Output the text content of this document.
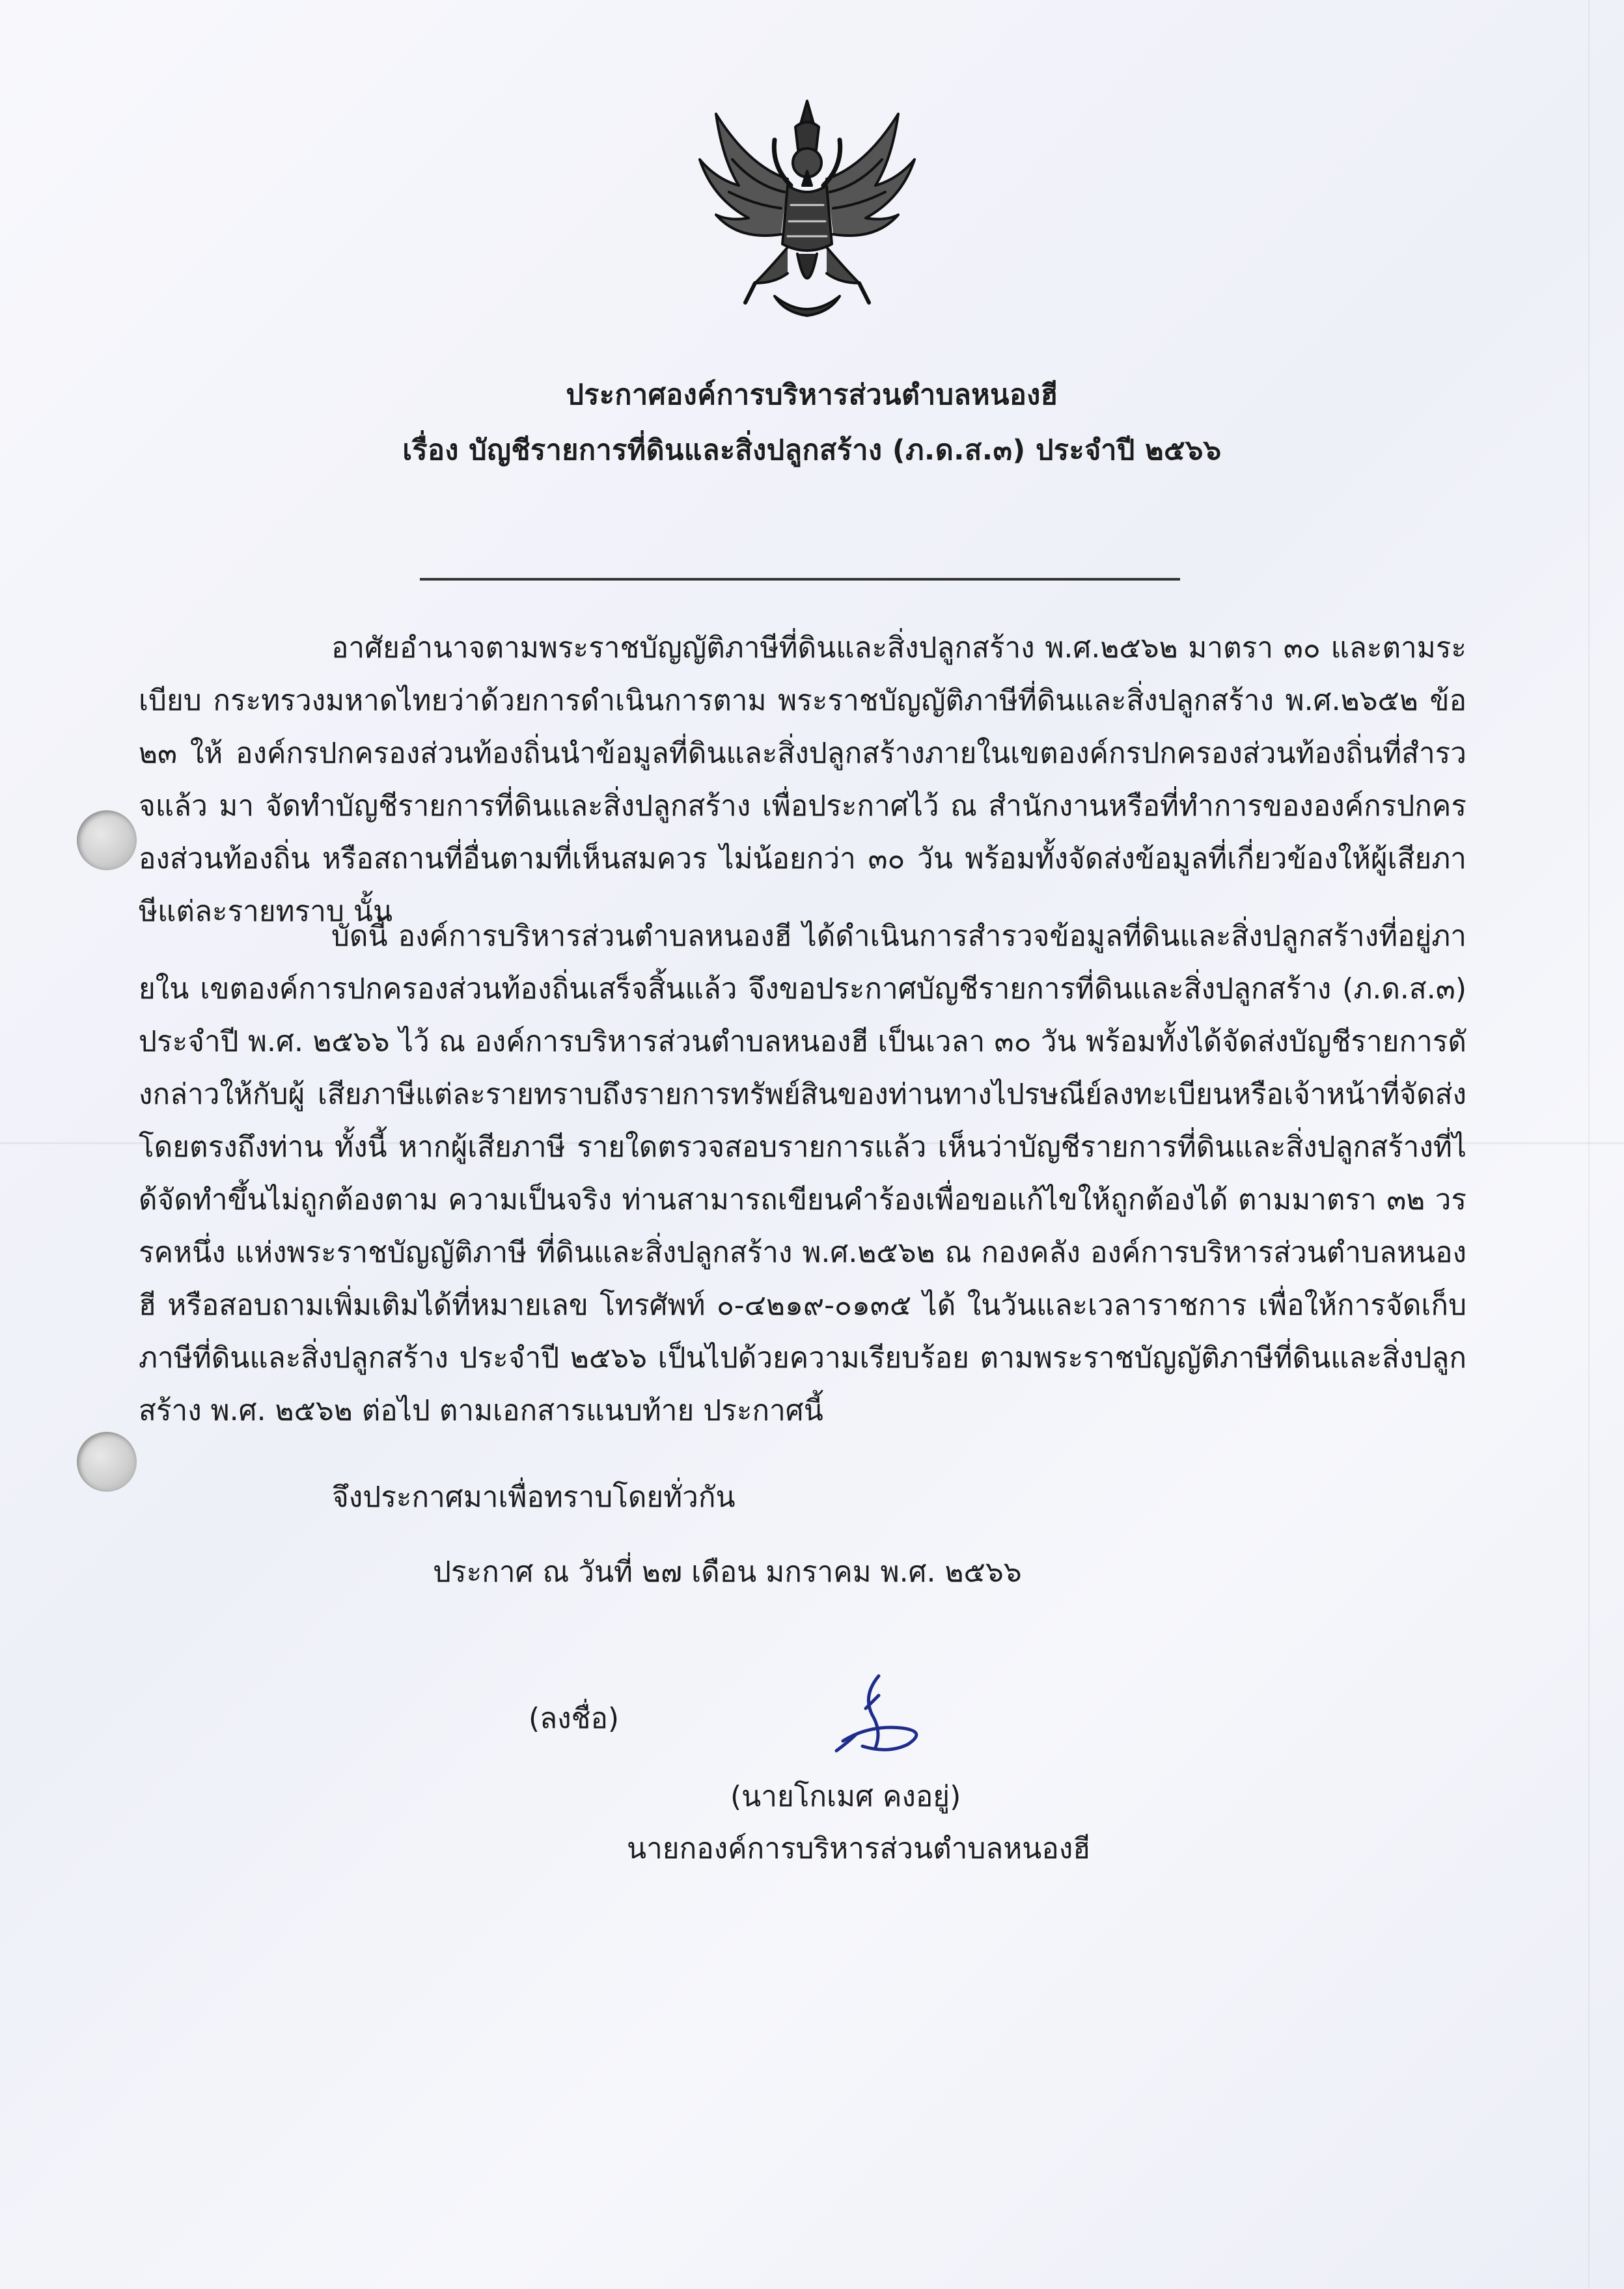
ประกาศองค์การบริหารส่วนตำบลหนองฮี
เรื่อง บัญชีรายการที่ดินและสิ่งปลูกสร้าง (ภ.ด.ส.๓) ประจำปี ๒๕๖๖
อาศัยอำนาจตามพระราชบัญญัติภาษีที่ดินและสิ่งปลูกสร้าง พ.ศ.๒๕๖๒ มาตรา ๓๐ และตามระเบียบ กระทรวงมหาดไทยว่าด้วยการดำเนินการตาม พระราชบัญญัติภาษีที่ดินและสิ่งปลูกสร้าง พ.ศ.๒๖๕๒ ข้อ ๒๓ ให้ องค์กรปกครองส่วนท้องถิ่นนำข้อมูลที่ดินและสิ่งปลูกสร้างภายในเขตองค์กรปกครองส่วนท้องถิ่นที่สำรวจแล้ว มา จัดทำบัญชีรายการที่ดินและสิ่งปลูกสร้าง เพื่อประกาศไว้ ณ สำนักงานหรือที่ทำการขององค์กรปกครองส่วนท้องถิ่น หรือสถานที่อื่นตามที่เห็นสมควร ไม่น้อยกว่า ๓๐ วัน พร้อมทั้งจัดส่งข้อมูลที่เกี่ยวข้องให้ผู้เสียภาษีแต่ละรายทราบ นั้น
บัดนี้ องค์การบริหารส่วนตำบลหนองฮี ได้ดำเนินการสำรวจข้อมูลที่ดินและสิ่งปลูกสร้างที่อยู่ภายใน เขตองค์การปกครองส่วนท้องถิ่นเสร็จสิ้นแล้ว จึงขอประกาศบัญชีรายการที่ดินและสิ่งปลูกสร้าง (ภ.ด.ส.๓) ประจำปี พ.ศ. ๒๕๖๖ ไว้ ณ องค์การบริหารส่วนตำบลหนองฮี เป็นเวลา ๓๐ วัน พร้อมทั้งได้จัดส่งบัญชีรายการดังกล่าวให้กับผู้ เสียภาษีแต่ละรายทราบถึงรายการทรัพย์สินของท่านทางไปรษณีย์ลงทะเบียนหรือเจ้าหน้าที่จัดส่งโดยตรงถึงท่าน ทั้งนี้ หากผู้เสียภาษี รายใดตรวจสอบรายการแล้ว เห็นว่าบัญชีรายการที่ดินและสิ่งปลูกสร้างที่ได้จัดทำขึ้นไม่ถูกต้องตาม ความเป็นจริง ท่านสามารถเขียนคำร้องเพื่อขอแก้ไขให้ถูกต้องได้ ตามมาตรา ๓๒ วรรคหนึ่ง แห่งพระราชบัญญัติภาษี ที่ดินและสิ่งปลูกสร้าง พ.ศ.๒๕๖๒ ณ กองคลัง องค์การบริหารส่วนตำบลหนองฮี หรือสอบถามเพิ่มเติมได้ที่หมายเลข โทรศัพท์ ๐-๔๒๑๙-๐๑๓๕ ได้ ในวันและเวลาราชการ เพื่อให้การจัดเก็บภาษีที่ดินและสิ่งปลูกสร้าง ประจำปี ๒๕๖๖ เป็นไปด้วยความเรียบร้อย ตามพระราชบัญญัติภาษีที่ดินและสิ่งปลูกสร้าง พ.ศ. ๒๕๖๒ ต่อไป ตามเอกสารแนบท้าย ประกาศนี้
จึงประกาศมาเพื่อทราบโดยทั่วกัน
ประกาศ ณ วันที่ ๒๗ เดือน มกราคม พ.ศ. ๒๕๖๖
(ลงชื่อ)
(นายโกเมศ คงอยู่)
นายกองค์การบริหารส่วนตำบลหนองฮี
